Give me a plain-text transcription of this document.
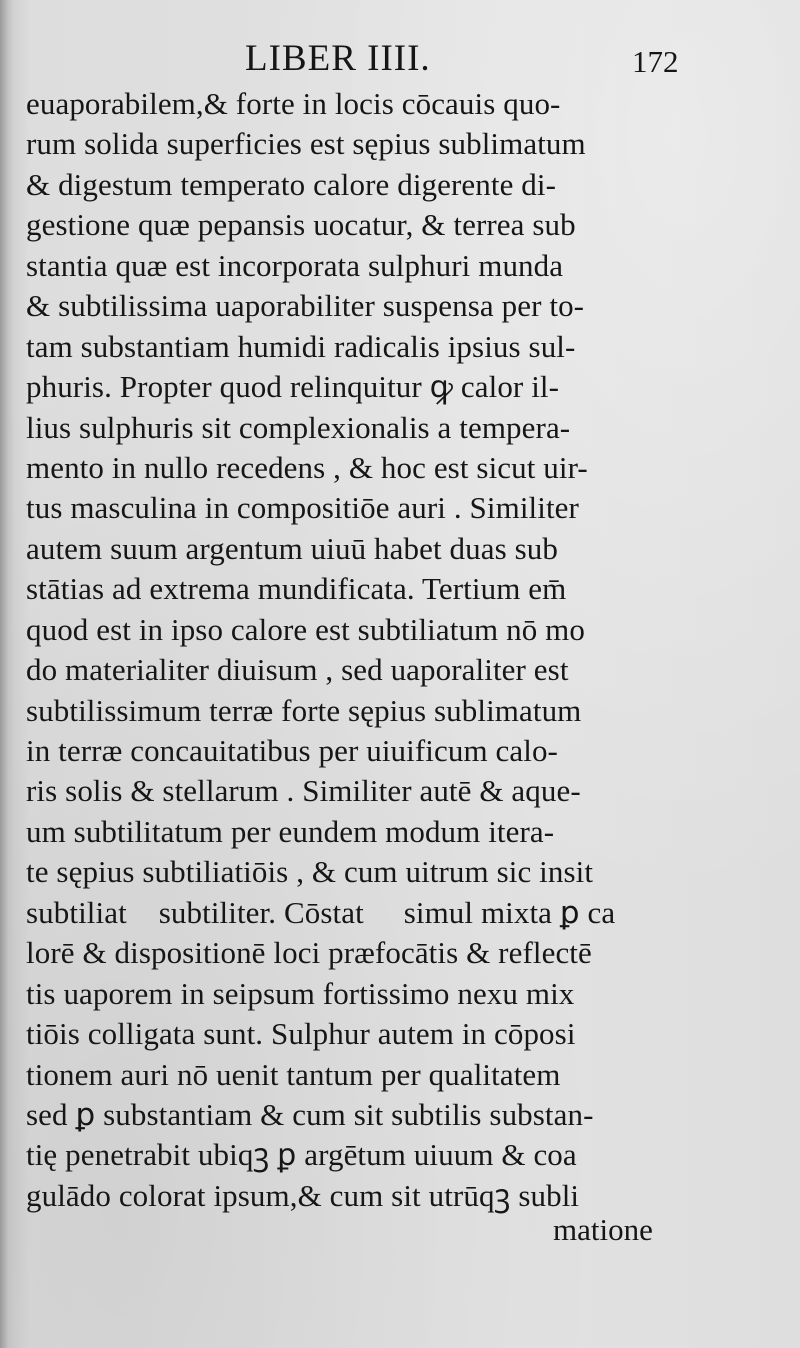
LIBER IIII.	172
euaporabilem,& forte in locis cōcauis quo-
rum solida superficies est sępius sublimatum
& digestum temperato calore digerente di-
gestione quæ pepansis uocatur, & terrea sub
stantia quæ est incorporata sulphuri munda
& subtilissima uaporabiliter suspensa per to-
tam substantiam humidi radicalis ipsius sul-
phuris. Propter quod relinquitur ꝙ calor il-
lius sulphuris sit complexionalis a tempera-
mento in nullo recedens , & hoc est sicut uir-
tus masculina in compositiōe auri . Similiter
autem suum argentum uiuū habet duas sub
stātias ad extrema mundificata. Tertium em̄
quod est in ipso calore est subtiliatum nō mo
do materialiter diuisum , sed uaporaliter est
subtilissimum terræ forte sępius sublimatum
in terræ concauitatibus per uiuificum calo-
ris solis & stellarum . Similiter autē & aque-
um subtilitatum per eundem modum itera-
te sępius subtiliatiōis , & cum uitrum sic insit
subtiliatᷣ subtiliter. Cōstat ꝙ simul mixta ꝑ ca
lorē & dispositionē loci præfocātis & reflectē
tis uaporem in seipsum fortissimo nexu mix
tiōis colligata sunt. Sulphur autem in cōposi
tionem auri nō uenit tantum per qualitatem
sed ꝑ substantiam & cum sit subtilis substan-
tię penetrabit ubiqꝫ ꝑ argētum uiuum & coa
gulādo colorat ipsum,& cum sit utrūqꝫ subli
matione
